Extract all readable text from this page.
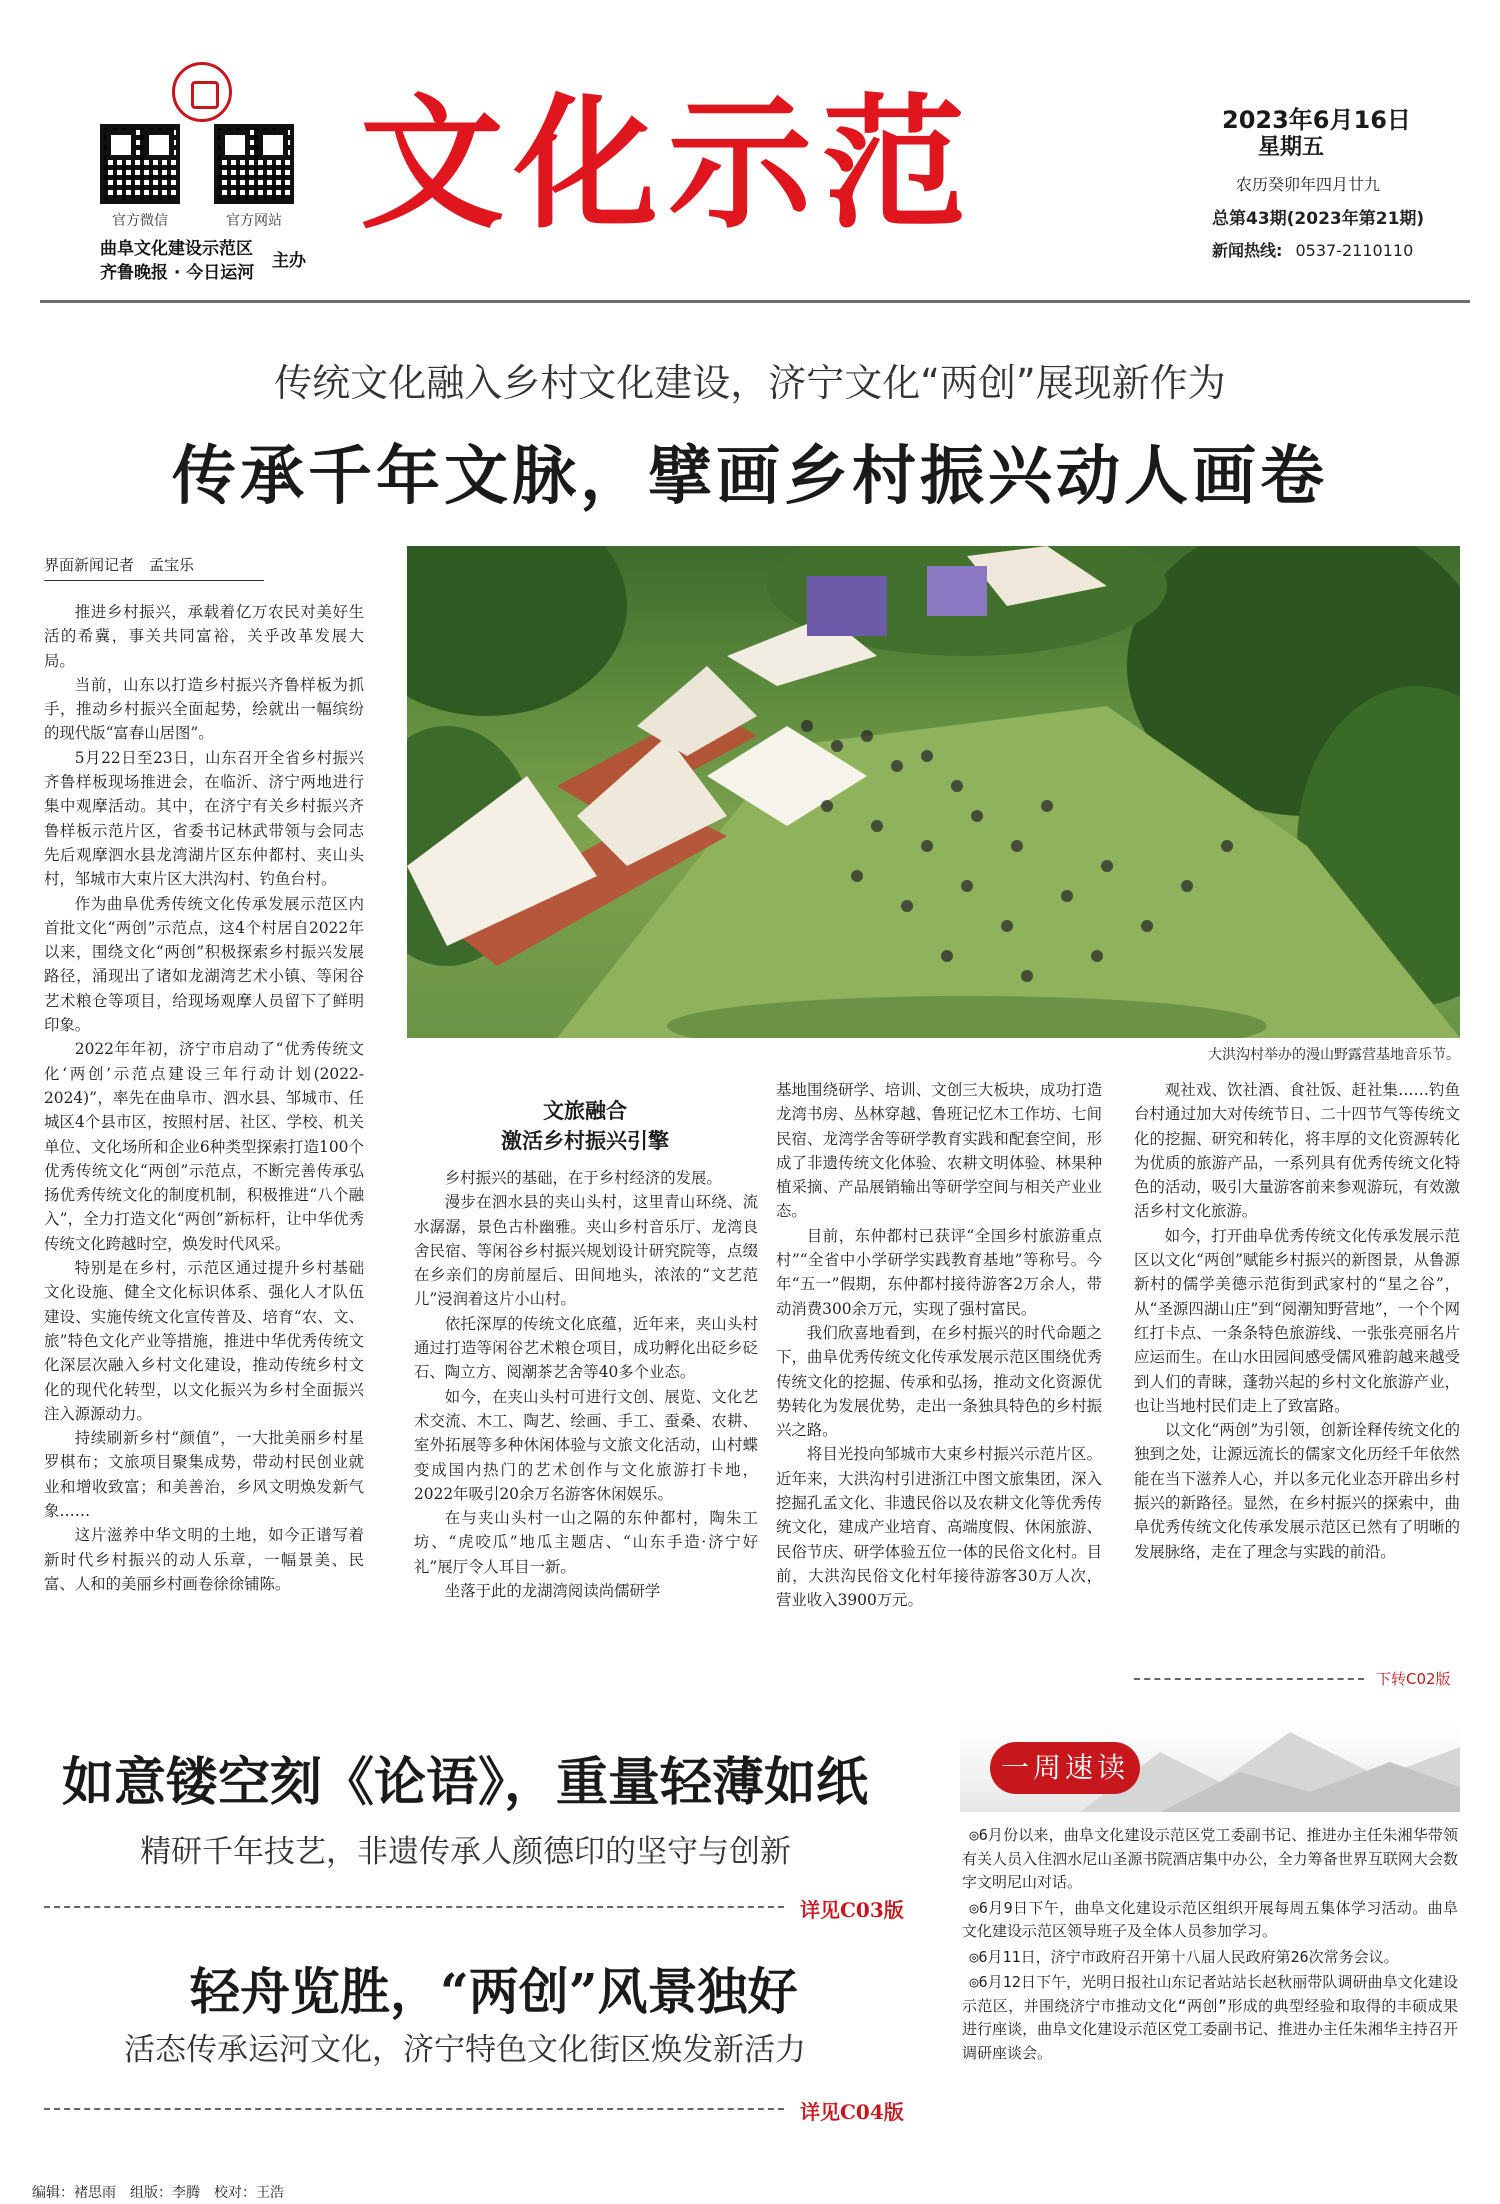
官方微信	官方网站
曲阜文化建设示范区
齐鲁晚报 · 今日运河
主办
文化示范	2023年6月16日
星期五
农历癸卯年四月廿九
总第43期(2023年第21期)
新闻热线: 0537-2110110
传统文化融入乡村文化建设，济宁文化“两创”展现新作为
传承千年文脉，擘画乡村振兴动人画卷
界面新闻记者　孟宝乐

推进乡村振兴，承载着亿万农民对美好生活的希冀，事关共同富裕，关乎改革发展大局。

当前，山东以打造乡村振兴齐鲁样板为抓手，推动乡村振兴全面起势，绘就出一幅缤纷的现代版“富春山居图”。

5月22日至23日，山东召开全省乡村振兴齐鲁样板现场推进会，在临沂、济宁两地进行集中观摩活动。其中，在济宁有关乡村振兴齐鲁样板示范片区，省委书记林武带领与会同志先后观摩泗水县龙湾湖片区东仲都村、夹山头村，邹城市大束片区大洪沟村、钓鱼台村。

作为曲阜优秀传统文化传承发展示范区内首批文化“两创”示范点，这4个村居自2022年以来，围绕文化“两创”积极探索乡村振兴发展路径，涌现出了诸如龙湖湾艺术小镇、等闲谷艺术粮仓等项目，给现场观摩人员留下了鲜明印象。

2022年年初，济宁市启动了“优秀传统文化‘两创’示范点建设三年行动计划(2022-2024)”，率先在曲阜市、泗水县、邹城市、任城区4个县市区，按照村居、社区、学校、机关单位、文化场所和企业6种类型探索打造100个优秀传统文化“两创”示范点，不断完善传承弘扬优秀传统文化的制度机制，积极推进“八个融入”，全力打造文化“两创”新标杆，让中华优秀传统文化跨越时空，焕发时代风采。

特别是在乡村，示范区通过提升乡村基础文化设施、健全文化标识体系、强化人才队伍建设、实施传统文化宣传普及、培育“农、文、旅”特色文化产业等措施，推进中华优秀传统文化深层次融入乡村文化建设，推动传统乡村文化的现代化转型，以文化振兴为乡村全面振兴注入源源动力。

持续刷新乡村“颜值”，一大批美丽乡村星罗棋布；文旅项目聚集成势，带动村民创业就业和增收致富；和美善治，乡风文明焕发新气象……

这片滋养中华文明的土地，如今正谱写着新时代乡村振兴的动人乐章，一幅景美、民富、人和的美丽乡村画卷徐徐铺陈。

大洪沟村举办的漫山野露营基地音乐节。
文旅融合
激活乡村振兴引擎

乡村振兴的基础，在于乡村经济的发展。

漫步在泗水县的夹山头村，这里青山环绕、流水潺潺，景色古朴幽雅。夹山乡村音乐厅、龙湾良舍民宿、等闲谷乡村振兴规划设计研究院等，点缀在乡亲们的房前屋后、田间地头，浓浓的“文艺范儿”浸润着这片小山村。

依托深厚的传统文化底蕴，近年来，夹山头村通过打造等闲谷艺术粮仓项目，成功孵化出砭乡砭石、陶立方、阅潮茶艺舍等40多个业态。

如今，在夹山头村可进行文创、展览、文化艺术交流、木工、陶艺、绘画、手工、蚕桑、农耕、室外拓展等多种休闲体验与文旅文化活动，山村蝶变成国内热门的艺术创作与文化旅游打卡地，2022年吸引20余万名游客休闲娱乐。

在与夹山头村一山之隔的东仲都村，陶朱工坊、“虎咬瓜”地瓜主题店、“山东手造·济宁好礼”展厅令人耳目一新。

坐落于此的龙湖湾阅读尚儒研学

基地围绕研学、培训、文创三大板块，成功打造龙湾书房、丛林穿越、鲁班记忆木工作坊、七间民宿、龙湾学舍等研学教育实践和配套空间，形成了非遗传统文化体验、农耕文明体验、林果种植采摘、产品展销输出等研学空间与相关产业业态。

目前，东仲都村已获评“全国乡村旅游重点村”“全省中小学研学实践教育基地”等称号。今年“五一”假期，东仲都村接待游客2万余人，带动消费300余万元，实现了强村富民。

我们欣喜地看到，在乡村振兴的时代命题之下，曲阜优秀传统文化传承发展示范区围绕优秀传统文化的挖掘、传承和弘扬，推动文化资源优势转化为发展优势，走出一条独具特色的乡村振兴之路。

将目光投向邹城市大束乡村振兴示范片区。近年来，大洪沟村引进浙江中图文旅集团，深入挖掘孔孟文化、非遗民俗以及农耕文化等优秀传统文化，建成产业培育、高端度假、休闲旅游、民俗节庆、研学体验五位一体的民俗文化村。目前，大洪沟民俗文化村年接待游客30万人次，营业收入3900万元。

观社戏、饮社酒、食社饭、赶社集……钓鱼台村通过加大对传统节日、二十四节气等传统文化的挖掘、研究和转化，将丰厚的文化资源转化为优质的旅游产品，一系列具有优秀传统文化特色的活动，吸引大量游客前来参观游玩，有效激活乡村文化旅游。

如今，打开曲阜优秀传统文化传承发展示范区以文化“两创”赋能乡村振兴的新图景，从鲁源新村的儒学美德示范街到武家村的“星之谷”，从“圣源四湖山庄”到“阅潮知野营地”，一个个网红打卡点、一条条特色旅游线、一张张亮丽名片应运而生。在山水田园间感受儒风雅韵越来越受到人们的青睐，蓬勃兴起的乡村文化旅游产业，也让当地村民们走上了致富路。

以文化“两创”为引领，创新诠释传统文化的独到之处，让源远流长的儒家文化历经千年依然能在当下滋养人心，并以多元化业态开辟出乡村振兴的新路径。显然，在乡村振兴的探索中，曲阜优秀传统文化传承发展示范区已然有了明晰的发展脉络，走在了理念与实践的前沿。

下转C02版
如意镂空刻《论语》，重量轻薄如纸
精研千年技艺，非遗传承人颜德印的坚守与创新
详见C03版
轻舟览胜，“两创”风景独好
活态传承运河文化，济宁特色文化街区焕发新活力
详见C04版
一周速读

◎6月份以来，曲阜文化建设示范区党工委副书记、推进办主任朱湘华带领有关人员入住泗水尼山圣源书院酒店集中办公，全力筹备世界互联网大会数字文明尼山对话。

◎6月9日下午，曲阜文化建设示范区组织开展每周五集体学习活动。曲阜文化建设示范区领导班子及全体人员参加学习。

◎6月11日，济宁市政府召开第十八届人民政府第26次常务会议。

◎6月12日下午，光明日报社山东记者站站长赵秋丽带队调研曲阜文化建设示范区，并围绕济宁市推动文化“两创”形成的典型经验和取得的丰硕成果进行座谈，曲阜文化建设示范区党工委副书记、推进办主任朱湘华主持召开调研座谈会。

编辑：褚思雨　组版：李腾　校对：王浩
